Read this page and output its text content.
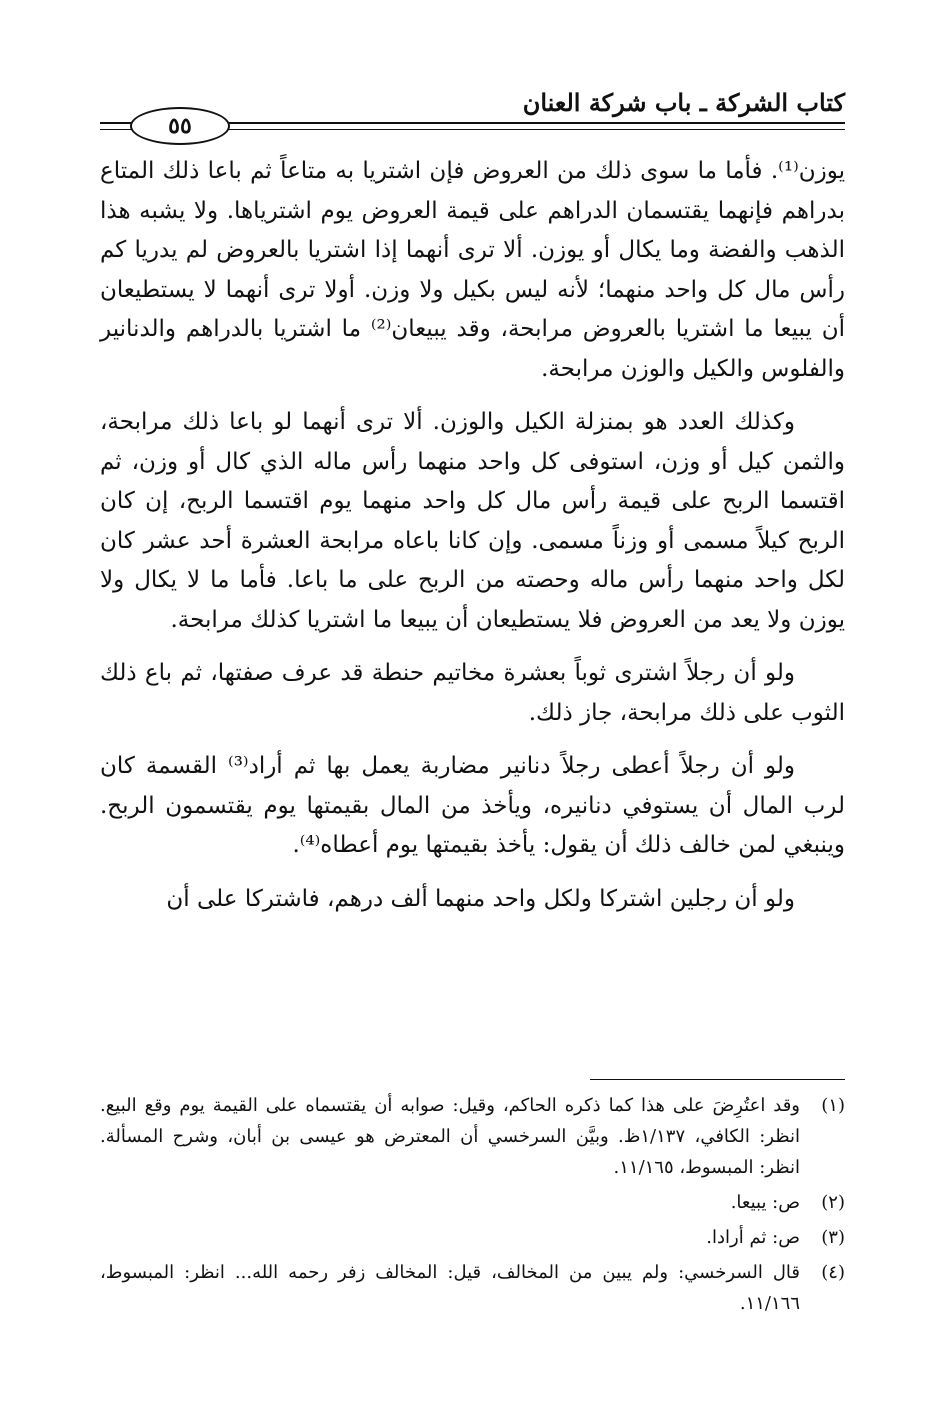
كتاب الشركة ـ باب شركة العنان
٥٥

يوزن⁽¹⁾. فأما ما سوى ذلك من العروض فإن اشتريا به متاعاً ثم باعا ذلك المتاع بدراهم فإنهما يقتسمان الدراهم على قيمة العروض يوم اشترياها. ولا يشبه هذا الذهب والفضة وما يكال أو يوزن. ألا ترى أنهما إذا اشتريا بالعروض لم يدريا كم رأس مال كل واحد منهما؛ لأنه ليس بكيل ولا وزن. أولا ترى أنهما لا يستطيعان أن يبيعا ما اشتريا بالعروض مرابحة، وقد يبيعان⁽²⁾ ما اشتريا بالدراهم والدنانير والفلوس والكيل والوزن مرابحة.

وكذلك العدد هو بمنزلة الكيل والوزن. ألا ترى أنهما لو باعا ذلك مرابحة، والثمن كيل أو وزن، استوفى كل واحد منهما رأس ماله الذي كال أو وزن، ثم اقتسما الربح على قيمة رأس مال كل واحد منهما يوم اقتسما الربح، إن كان الربح كيلاً مسمى أو وزناً مسمى. وإن كانا باعاه مرابحة العشرة أحد عشر كان لكل واحد منهما رأس ماله وحصته من الربح على ما باعا. فأما ما لا يكال ولا يوزن ولا يعد من العروض فلا يستطيعان أن يبيعا ما اشتريا كذلك مرابحة.

ولو أن رجلاً اشترى ثوباً بعشرة مخاتيم حنطة قد عرف صفتها، ثم باع ذلك الثوب على ذلك مرابحة، جاز ذلك.

ولو أن رجلاً أعطى رجلاً دنانير مضاربة يعمل بها ثم أراد⁽³⁾ القسمة كان لرب المال أن يستوفي دنانيره، ويأخذ من المال بقيمتها يوم يقتسمون الربح. وينبغي لمن خالف ذلك أن يقول: يأخذ بقيمتها يوم أعطاه⁽⁴⁾.

ولو أن رجلين اشتركا ولكل واحد منهما ألف درهم، فاشتركا على أن

(١)
وقد اعتُرِضَ على هذا كما ذكره الحاكم، وقيل: صوابه أن يقتسماه على القيمة يوم وقع البيع. انظر: الكافي، ١/١٣٧ظ. وبيَّن السرخسي أن المعترض هو عيسى بن أبان، وشرح المسألة. انظر: المبسوط، ١١/١٦٥.
(٢)
ص: يبيعا.
(٣)
ص: ثم أرادا.
(٤)
قال السرخسي: ولم يبين من المخالف، قيل: المخالف زفر رحمه الله... انظر: المبسوط، ١١/١٦٦.
